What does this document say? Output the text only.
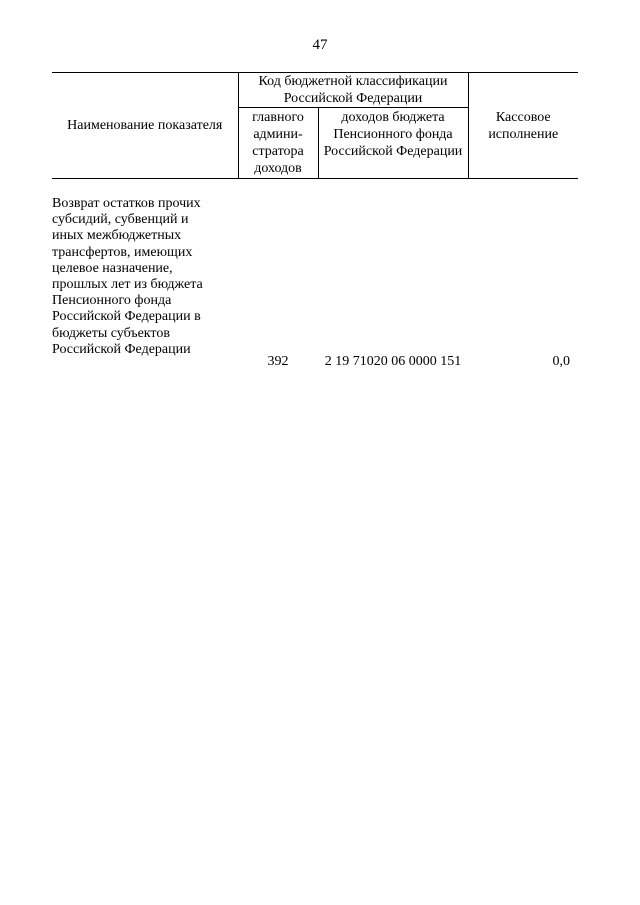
47
Наименование показателя	Код бюджетной классификации Российской Федерации		Кассовое исполнение
	главного админи- стратора доходов	доходов бюджета Пенсионного фонда Российской Федерации	
Возврат остатков прочих
субсидий, субвенций и
иных межбюджетных
трансфертов, имеющих
целевое назначение,
прошлых лет из бюджета
Пенсионного фонда
Российской Федерации в
бюджеты субъектов
Российской Федерации
392	2 19 71020 06 0000 151	0,0
